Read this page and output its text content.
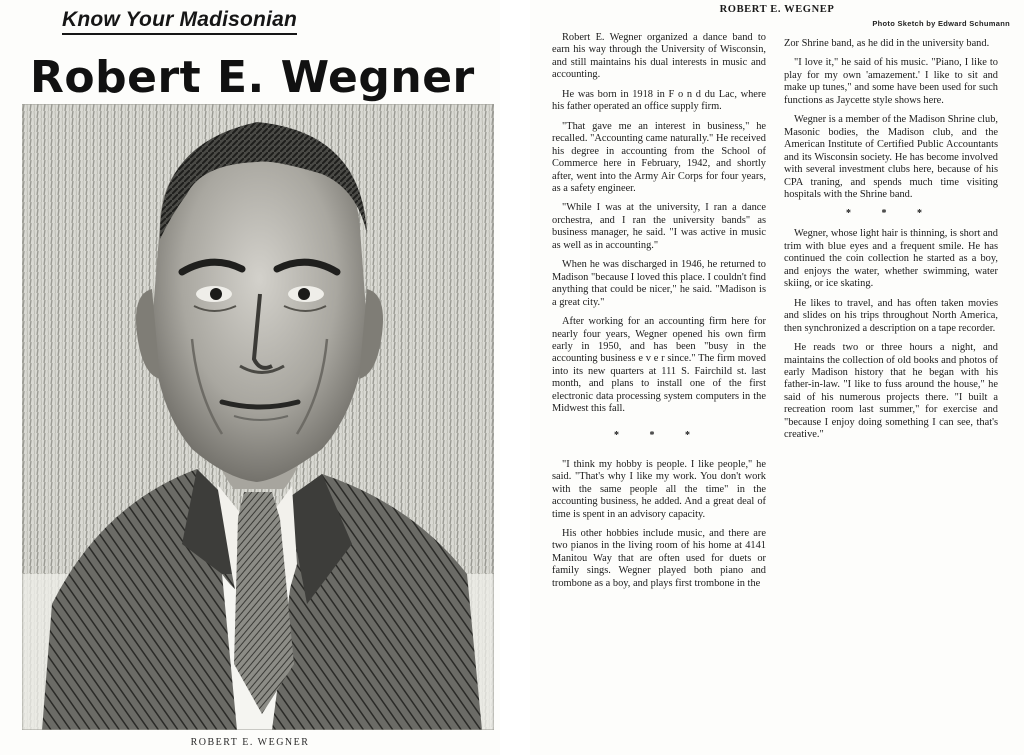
Know Your Madisonian
Robert E. Wegner
ROBERT E. WEGNER
ROBERT E. WEGNEP
Photo Sketch by Edward Schumann

Robert E. Wegner organized a dance band to earn his way through the University of Wisconsin, and still maintains his dual interests in music and accounting.

He was born in 1918 in F o n d du Lac, where his father operated an office supply firm.

"That gave me an interest in business," he recalled. "Accounting came naturally." He received his degree in accounting from the School of Commerce here in February, 1942, and shortly after, went into the Army Air Corps for four years, as a safety engineer.

"While I was at the university, I ran a dance orchestra, and I ran the university bands" as business manager, he said. "I was active in music as well as in accounting."

When he was discharged in 1946, he returned to Madison "because I loved this place. I couldn't find anything that could be nicer," he said. "Madison is a great city."

After working for an accounting firm here for nearly four years, Wegner opened his own firm early in 1950, and has been "busy in the accounting business e v e r since." The firm moved into its new quarters at 111 S. Fairchild st. last month, and plans to install one of the first electronic data processing system computers in the Midwest this fall.

* * *

"I think my hobby is people. I like people," he said. "That's why I like my work. You don't work with the same people all the time" in the accounting business, he added. And a great deal of time is spent in an advisory capacity.

His other hobbies include music, and there are two pianos in the living room of his home at 4141 Manitou Way that are often used for duets or family sings. Wegner played both piano and trombone as a boy, and plays first trombone in the

Zor Shrine band, as he did in the university band.

"I love it," he said of his music. "Piano, I like to play for my own 'amazement.' I like to sit and make up tunes," and some have been used for such functions as Jaycette style shows here.

Wegner is a member of the Madison Shrine club, Masonic bodies, the Madison club, and the American Institute of Certified Public Accountants and its Wisconsin society. He has become involved with several investment clubs here, because of his CPA traning, and spends much time visiting hospitals with the Shrine band.

* * *

Wegner, whose light hair is thinning, is short and trim with blue eyes and a frequent smile. He has continued the coin collection he started as a boy, and enjoys the water, whether swimming, water skiing, or ice skating.

He likes to travel, and has often taken movies and slides on his trips throughout North America, then synchronized a description on a tape recorder.

He reads two or three hours a night, and maintains the collection of old books and photos of early Madison history that he began with his father-in-law. "I like to fuss around the house," he said of his numerous projects there. "I built a recreation room last summer," for exercise and "because I enjoy doing something I can see, that's creative."
